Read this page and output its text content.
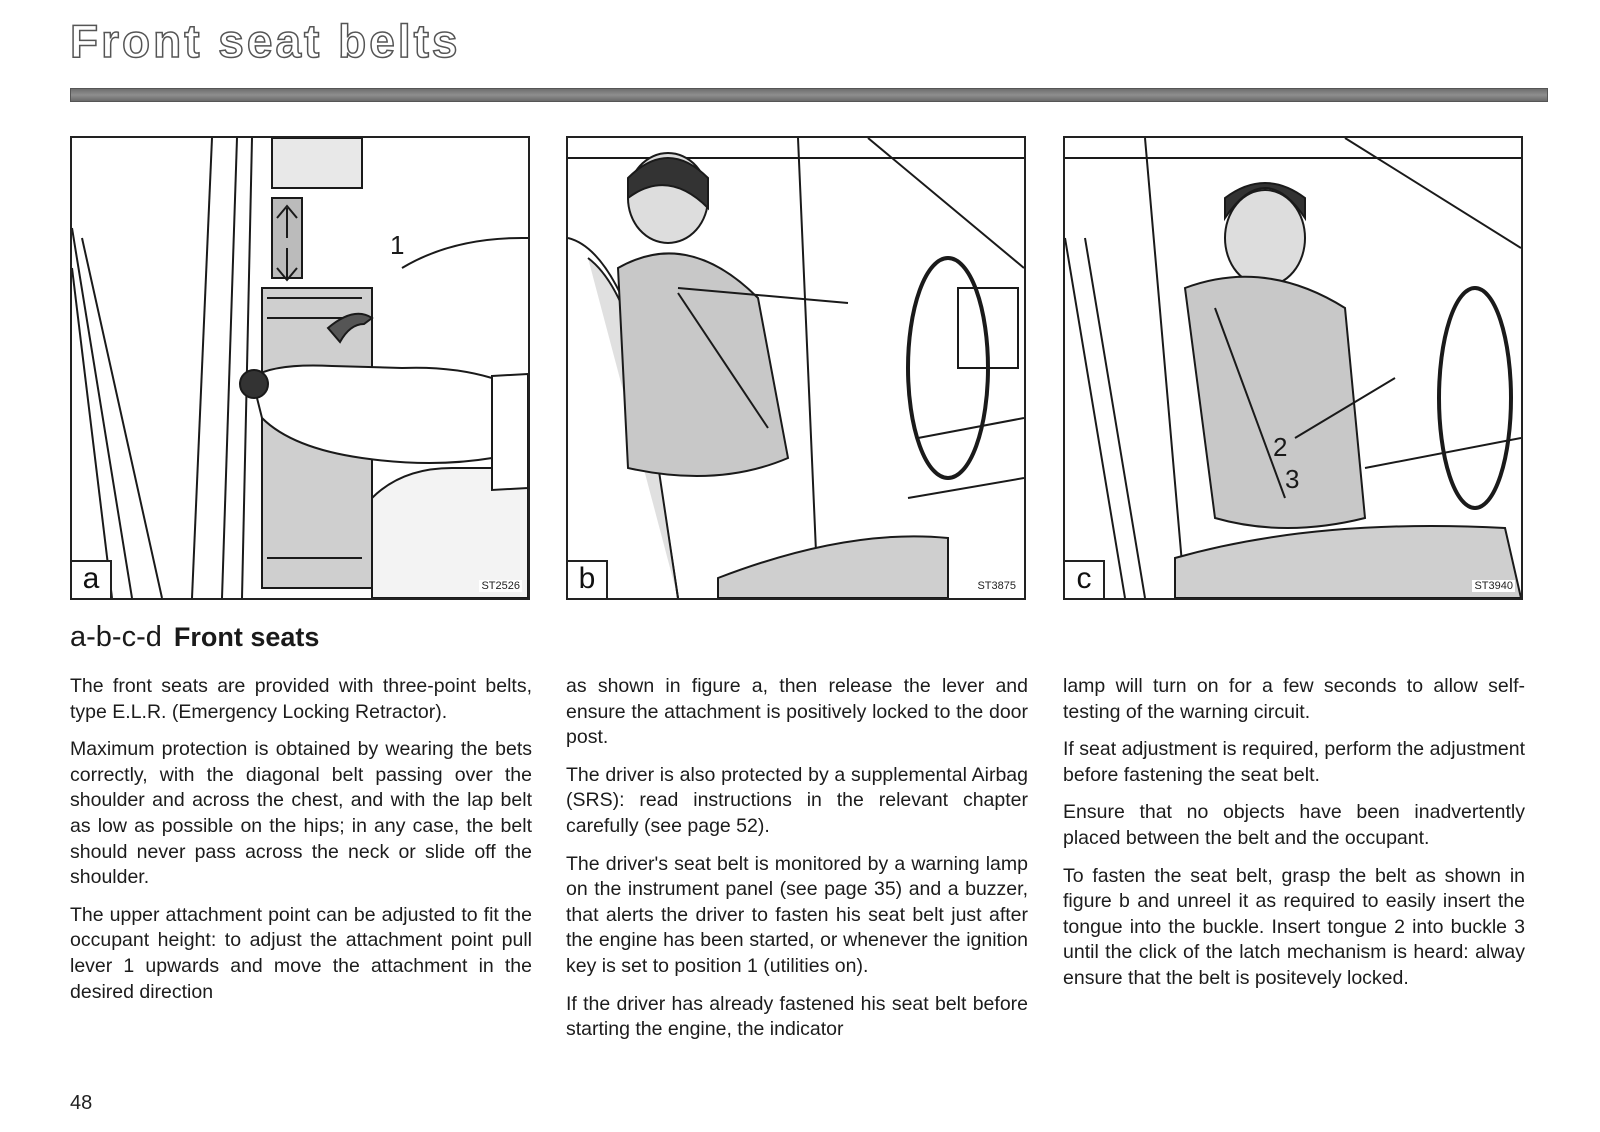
Front seat belts
1
a	ST2526	b	ST3875
2
3
c	ST3940
a-b-c-d Front seats

The front seats are provided with three-point belts, type E.L.R. (Emergency Locking Retractor).

Maximum protection is obtained by wearing the bets correctly, with the diagonal belt passing over the shoulder and across the chest, and with the lap belt as low as possible on the hips; in any case, the belt should never pass across the neck or slide off the shoulder.

The upper attachment point can be adjusted to fit the occupant height: to adjust the attachment point pull lever 1 upwards and move the attachment in the desired direction

as shown in figure a, then release the lever and ensure the attachment is positively locked to the door post.

The driver is also protected by a supplemental Airbag (SRS): read instructions in the relevant chapter carefully (see page 52).

The driver's seat belt is monitored by a warning lamp on the instrument panel (see page 35) and a buzzer, that alerts the driver to fasten his seat belt just after the engine has been started, or whenever the ignition key is set to position 1 (utilities on).

If the driver has already fastened his seat belt before starting the engine, the indicator

lamp will turn on for a few seconds to allow self-testing of the warning circuit.

If seat adjustment is required, perform the adjustment before fastening the seat belt.

Ensure that no objects have been inadvertently placed between the belt and the occupant.

To fasten the seat belt, grasp the belt as shown in figure b and unreel it as required to easily insert the tongue into the buckle. Insert tongue 2 into buckle 3 until the click of the latch mechanism is heard: alway ensure that the belt is positevely locked.

48
